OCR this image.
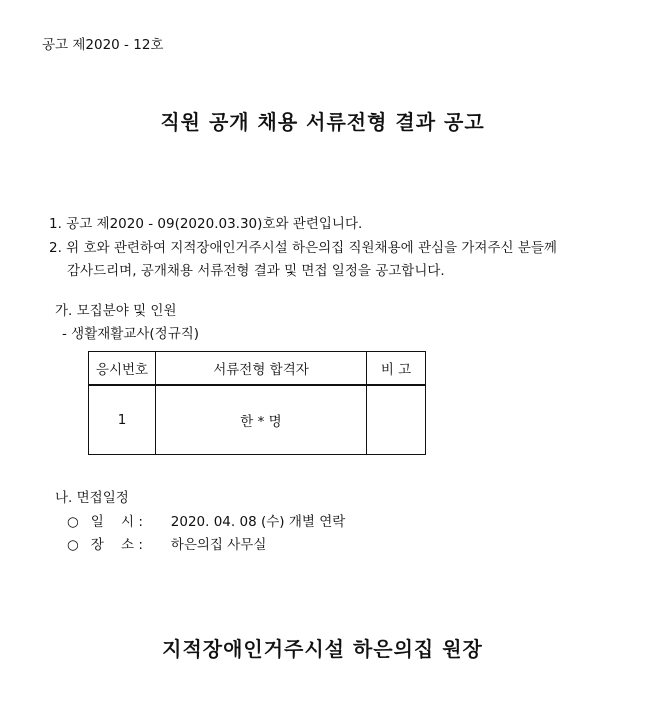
공고 제2020 - 12호
직원 공개 채용 서류전형 결과 공고
1. 공고 제2020 - 09(2020.03.30)호와 관련입니다.
2. 위 호와 관련하여 지적장애인거주시설 하은의집 직원채용에 관심을 가져주신 분들께
감사드리며, 공개채용 서류전형 결과 및 면접 일정을 공고합니다.
가. 모집분야 및 인원
- 생활재활교사(정규직)
응시번호	서류전형 합격자	비 고
1	한 * 명	
나. 면접일정
○ 일    시 : 2020. 04. 08 (수) 개별 연락
○ 장    소 : 하은의집 사무실
지적장애인거주시설 하은의집 원장
